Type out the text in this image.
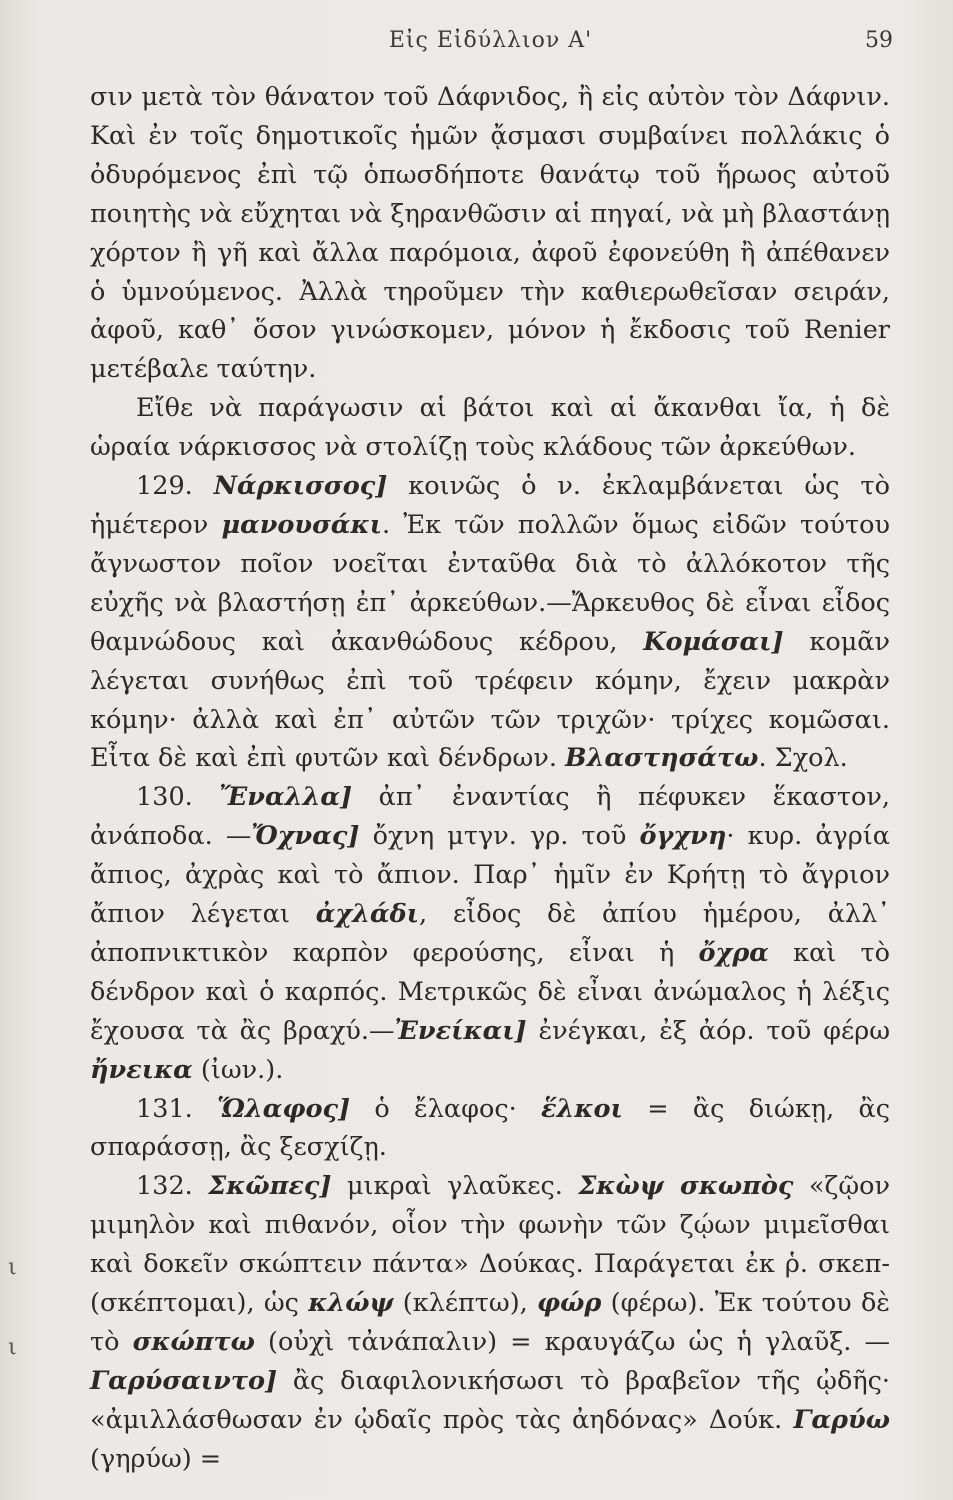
Εἰς Εἰδύλλιον Α'	59
ι
ι

σιν μετὰ τὸν θάνατον τοῦ Δάφνιδος, ἢ εἰς αὐτὸν τὸν Δάφνιν. Καὶ ἐν τοῖς δημοτικοῖς ἡμῶν ᾄσμασι συμβαίνει πολλάκις ὁ ὀδυρόμενος ἐπὶ τῷ ὁπωσδήποτε θανάτῳ τοῦ ἥρωος αὐτοῦ ποιητὴς νὰ εὔχηται νὰ ξηρανθῶσιν αἱ πηγαί, νὰ μὴ βλαστάνῃ χόρτον ἢ γῆ καὶ ἄλλα παρόμοια, ἀφοῦ ἐφονεύθη ἢ ἀπέθανεν ὁ ὑμνούμενος. Ἀλλὰ τηροῦμεν τὴν καθιερωθεῖσαν σειράν, ἀφοῦ, καθ᾽ ὅσον γινώσκομεν, μόνον ἡ ἔκδοσις τοῦ Renier μετέβαλε ταύτην.

Εἴθε νὰ παράγωσιν αἱ βάτοι καὶ αἱ ἄκανθαι ἴα, ἡ δὲ ὡραία νάρκισσος νὰ στολίζῃ τοὺς κλάδους τῶν ἀρκεύθων.

129. Νάρκισσος] κοινῶς ὁ ν. ἐκλαμβάνεται ὡς τὸ ἡμέτερον μανουσάκι. Ἐκ τῶν πολλῶν ὅμως εἰδῶν τούτου ἄγνωστον ποῖον νοεῖται ἐνταῦθα διὰ τὸ ἀλλόκοτον τῆς εὐχῆς νὰ βλαστήσῃ ἐπ᾽ ἀρκεύθων.—Ἄρκευθος δὲ εἶναι εἶδος θαμνώδους καὶ ἀκανθώδους κέδρου, Κομάσαι] κομᾶν λέγεται συνήθως ἐπὶ τοῦ τρέφειν κόμην, ἔχειν μακρὰν κόμην· ἀλλὰ καὶ ἐπ᾽ αὐτῶν τῶν τριχῶν· τρίχες κομῶσαι. Εἶτα δὲ καὶ ἐπὶ φυτῶν καὶ δένδρων. Βλαστησάτω. Σχολ.

130. Ἔναλλα] ἀπ᾽ ἐναντίας ἢ πέφυκεν ἕκαστον, ἀνάποδα. —Ὄχνας] ὄχνη μτγν. γρ. τοῦ ὄγχνη· κυρ. ἀγρία ἄπιος, ἀχρὰς καὶ τὸ ἄπιον. Παρ᾽ ἡμῖν ἐν Κρήτῃ τὸ ἄγριον ἄπιον λέγεται ἀχλάδι, εἶδος δὲ ἀπίου ἡμέρου, ἀλλ᾽ ἀποπνικτικὸν καρπὸν φερούσης, εἶναι ἡ ὄχρα καὶ τὸ δένδρον καὶ ὁ καρπός. Μετρικῶς δὲ εἶναι ἀνώμαλος ἡ λέξις ἔχουσα τὰ ἂς βραχύ.—Ἐνείκαι] ἐνέγκαι, ἐξ ἀόρ. τοῦ φέρω ἤνεικα (ἰων.).

131. Ὥλαφος] ὁ ἔλαφος· ἕλκοι = ἂς διώκῃ, ἂς σπαράσσῃ, ἂς ξεσχίζῃ.

132. Σκῶπες] μικραὶ γλαῦκες. Σκὼψ σκωπὸς «ζῷον μιμηλὸν καὶ πιθανόν, οἷον τὴν φωνὴν τῶν ζῴων μιμεῖσθαι καὶ δοκεῖν σκώπτειν πάντα» Δούκας. Παράγεται ἐκ ῥ. σκεπ- (σκέπτομαι), ὡς κλώψ (κλέπτω), φώρ (φέρω). Ἐκ τούτου δὲ τὸ σκώπτω (οὐχὶ τἀνάπαλιν) = κραυγάζω ὡς ἡ γλαῦξ. — Γαρύσαιντο] ἂς διαφιλονικήσωσι τὸ βραβεῖον τῆς ᾠδῆς· «ἀμιλλάσθωσαν ἐν ᾠδαῖς πρὸς τὰς ἀηδόνας» Δούκ. Γαρύω (γηρύω) =
